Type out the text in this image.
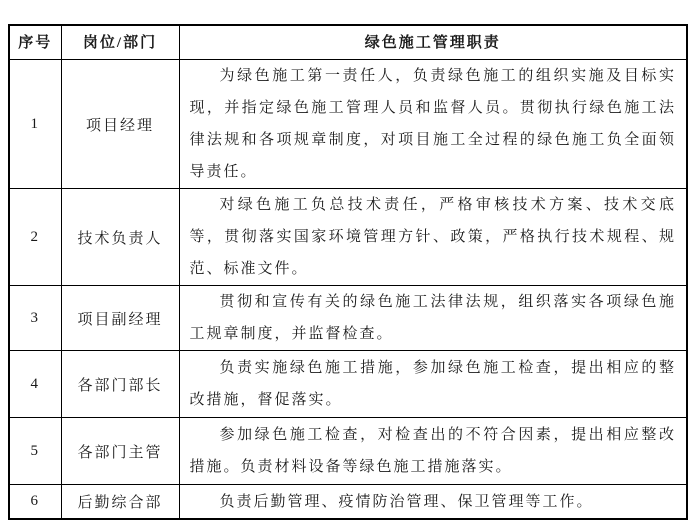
序号	岗位/部门	绿色施工管理职责
1	项目经理	为绿色施工第一责任人，负责绿色施工的组织实施及目标实现，并指定绿色施工管理人员和监督人员。贯彻执行绿色施工法律法规和各项规章制度，对项目施工全过程的绿色施工负全面领导责任。

2	技术负责人	对绿色施工负总技术责任，严格审核技术方案、技术交底等，贯彻落实国家环境管理方针、政策，严格执行技术规程、规范、标准文件。

3	项目副经理	贯彻和宣传有关的绿色施工法律法规，组织落实各项绿色施工规章制度，并监督检查。

4	各部门部长	负责实施绿色施工措施，参加绿色施工检查，提出相应的整改措施，督促落实。

5	各部门主管	参加绿色施工检查，对检查出的不符合因素，提出相应整改措施。负责材料设备等绿色施工措施落实。

6	后勤综合部	负责后勤管理、疫情防治管理、保卫管理等工作。
